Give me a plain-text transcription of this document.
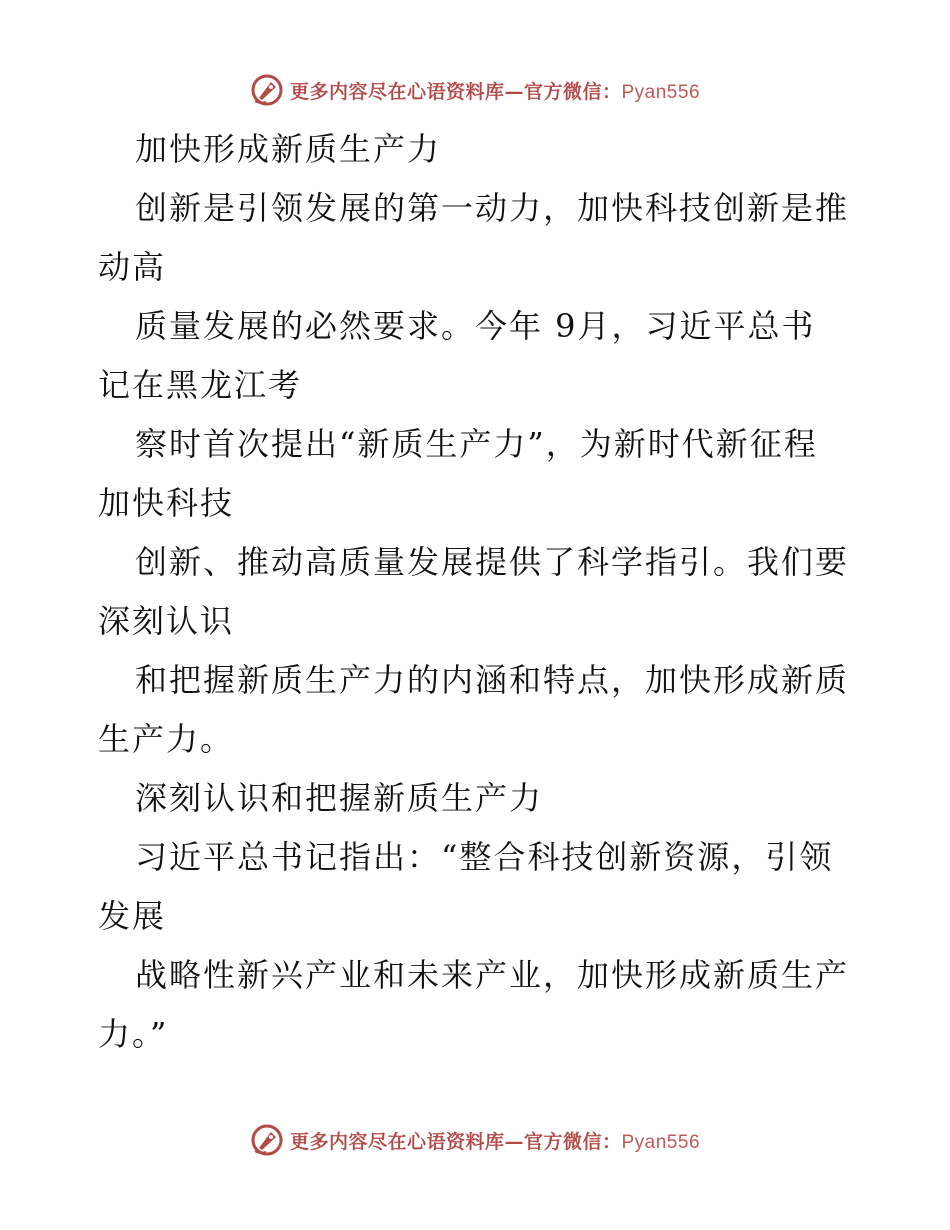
更多内容尽在心语资料库—官方微信：Pyan556
加快形成新质生产力
创新是引领发展的第一动力，加快科技创新是推
动高
质量发展的必然要求。今年 9月，习近平总书
记在黑龙江考
察时首次提出“新质生产力”，为新时代新征程
加快科技
创新、推动高质量发展提供了科学指引。我们要
深刻认识
和把握新质生产力的内涵和特点，加快形成新质
生产力。
深刻认识和把握新质生产力
习近平总书记指出：“整合科技创新资源，引领
发展
战略性新兴产业和未来产业，加快形成新质生产
力。”
更多内容尽在心语资料库—官方微信：Pyan556
